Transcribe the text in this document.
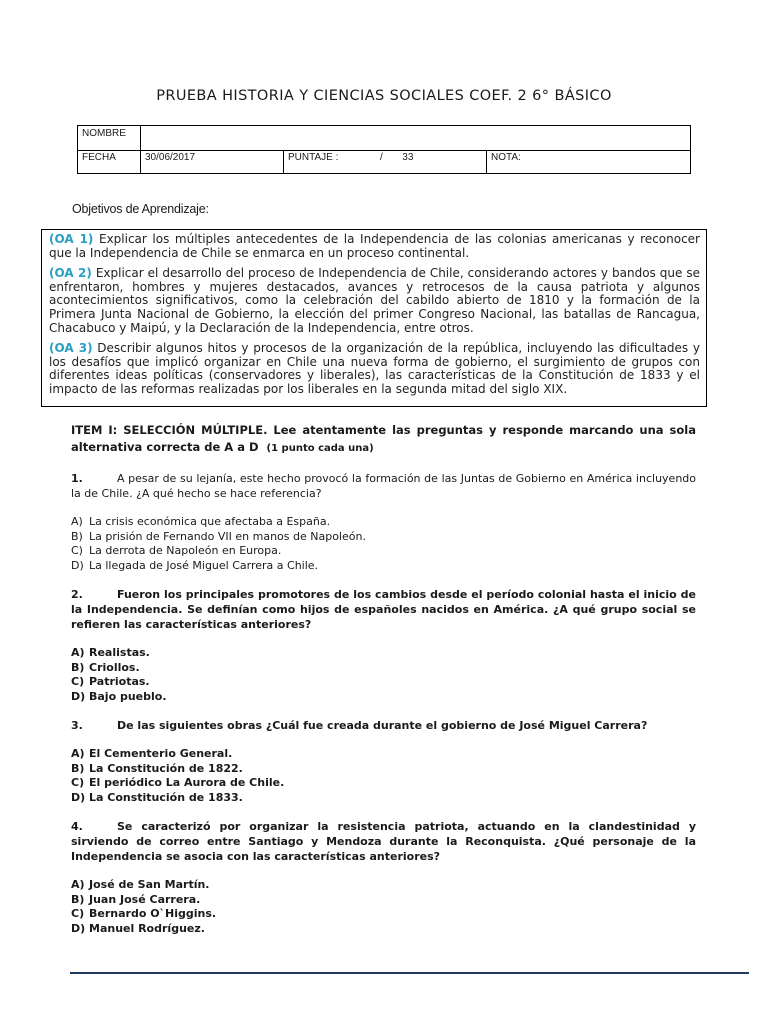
PRUEBA HISTORIA Y CIENCIAS SOCIALES COEF. 2 6° BÁSICO
NOMBRE
FECHA	30/06/2017	PUNTAJE :	/ 33	NOTA:
Objetivos de Aprendizaje:

(OA 1) Explicar los múltiples antecedentes de la Independencia de las colonias americanas y reconocer que la Independencia de Chile se enmarca en un proceso continental.

(OA 2) Explicar el desarrollo del proceso de Independencia de Chile, considerando actores y bandos que se enfrentaron, hombres y mujeres destacados, avances y retrocesos de la causa patriota y algunos acontecimientos significativos, como la celebración del cabildo abierto de 1810 y la formación de la Primera Junta Nacional de Gobierno, la elección del primer Congreso Nacional, las batallas de Rancagua, Chacabuco y Maipú, y la Declaración de la Independencia, entre otros.

(OA 3) Describir algunos hitos y procesos de la organización de la república, incluyendo las dificultades y los desafíos que implicó organizar en Chile una nueva forma de gobierno, el surgimiento de grupos con diferentes ideas políticas (conservadores y liberales), las características de la Constitución de 1833 y el impacto de las reformas realizadas por los liberales en la segunda mitad del siglo XIX.

ITEM I: SELECCIÓN MÚLTIPLE. Lee atentamente las preguntas y responde marcando una sola alternativa correcta de A a D (1 punto cada una)

1.	A pesar de su lejanía, este hecho provocó la formación de las Juntas de Gobierno en América incluyendo la de Chile. ¿A qué hecho se hace referencia?

A) La crisis económica que afectaba a España.
B) La prisión de Fernando VII en manos de Napoleón.
C) La derrota de Napoleón en Europa.
D) La llegada de José Miguel Carrera a Chile.

2.	Fueron los principales promotores de los cambios desde el período colonial hasta el inicio de la Independencia. Se definían como hijos de españoles nacidos en América. ¿A qué grupo social se refieren las características anteriores?

A) Realistas.
B) Criollos.
C) Patriotas.
D) Bajo pueblo.

3.	De las siguientes obras ¿Cuál fue creada durante el gobierno de José Miguel Carrera?

A) El Cementerio General.
B) La Constitución de 1822.
C) El periódico La Aurora de Chile.
D) La Constitución de 1833.

4.	Se caracterizó por organizar la resistencia patriota, actuando en la clandestinidad y sirviendo de correo entre Santiago y Mendoza durante la Reconquista. ¿Qué personaje de la Independencia se asocia con las características anteriores?

A) José de San Martín.
B) Juan José Carrera.
C) Bernardo O`Higgins.
D) Manuel Rodríguez.
